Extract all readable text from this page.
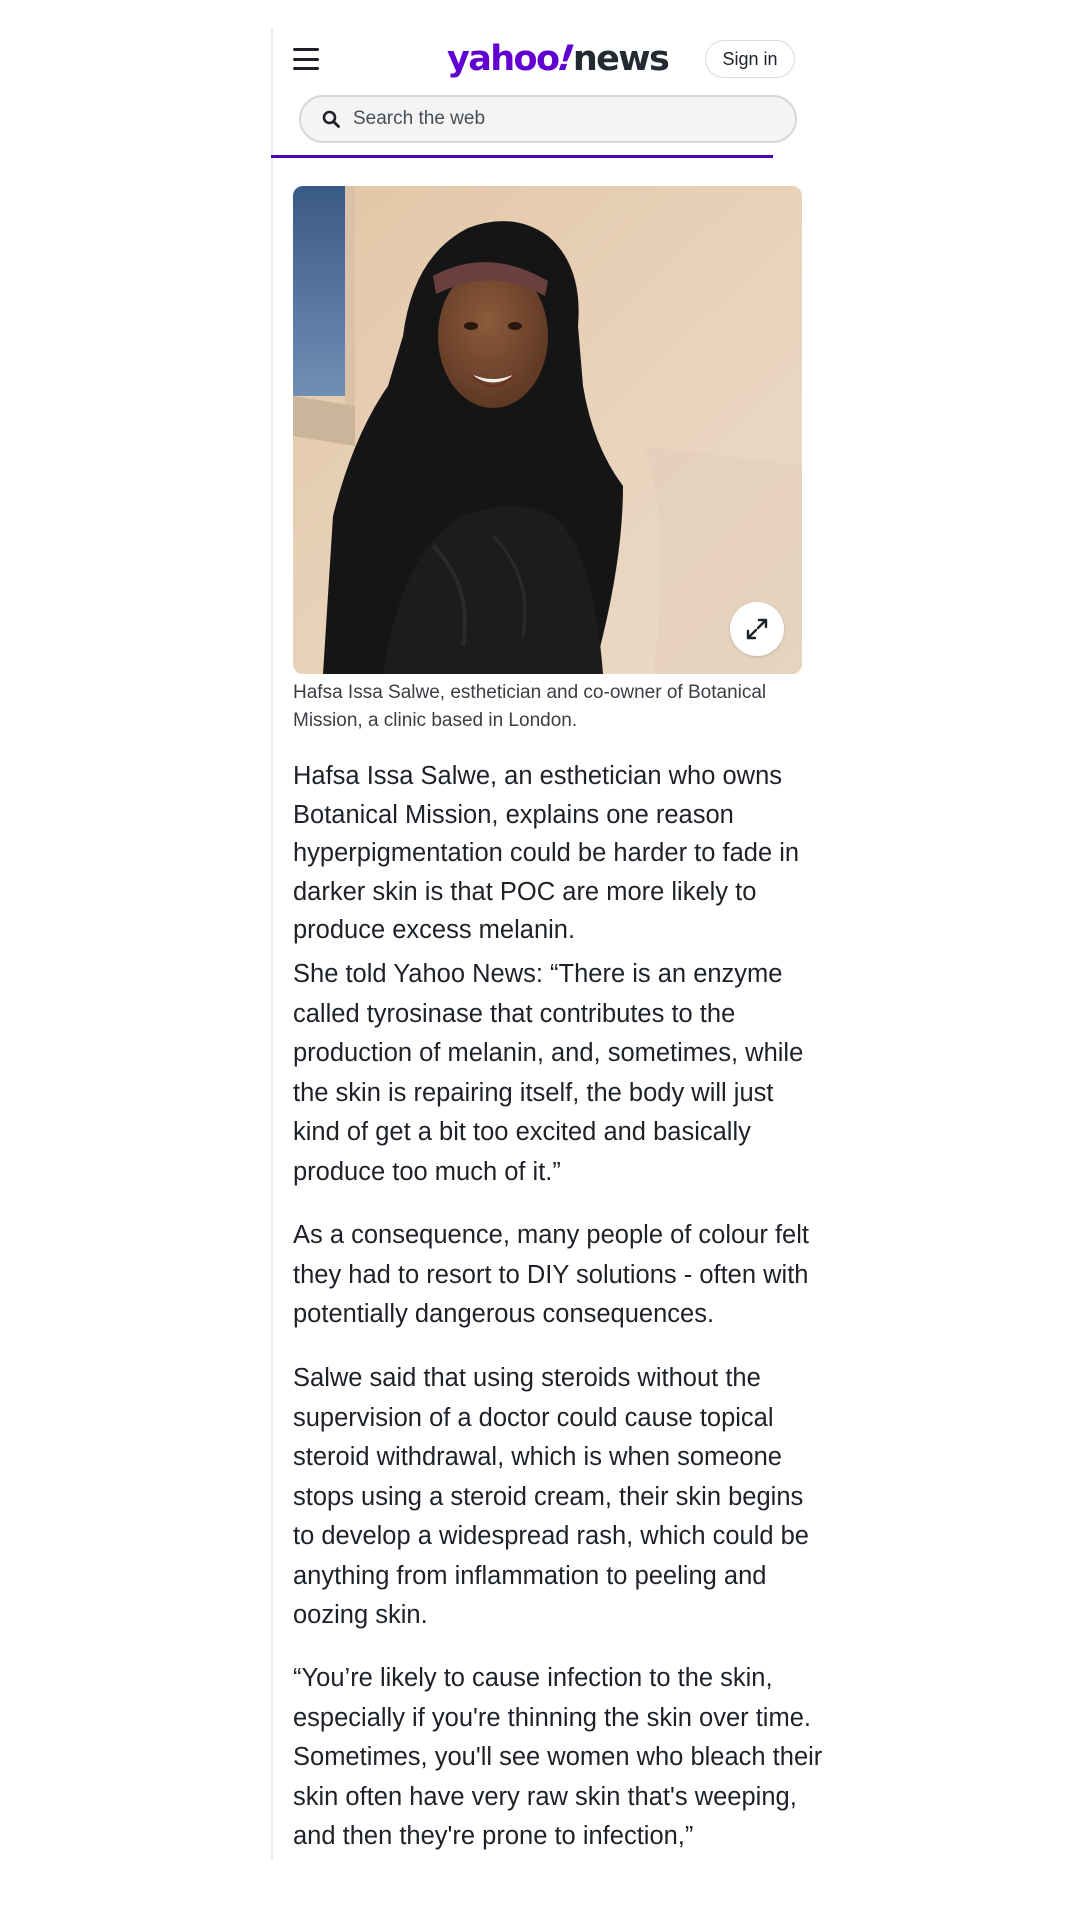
yahoo!news	Sign in
Search the web
Hafsa Issa Salwe, esthetician and co-owner of Botanical Mission, a clinic based in London.

Hafsa Issa Salwe, an esthetician who owns Botanical Mission, explains one reason hyperpigmentation could be harder to fade in darker skin is that POC are more likely to produce excess melanin.

She told Yahoo News: “There is an enzyme called tyrosinase that contributes to the production of melanin, and, sometimes, while the skin is repairing itself, the body will just kind of get a bit too excited and basically produce too much of it.”

As a consequence, many people of colour felt they had to resort to DIY solutions - often with potentially dangerous consequences.

Salwe said that using steroids without the supervision of a doctor could cause topical steroid withdrawal, which is when someone stops using a steroid cream, their skin begins to develop a widespread rash, which could be anything from inflammation to peeling and oozing skin.

“You’re likely to cause infection to the skin, especially if you're thinning the skin over time. Sometimes, you'll see women who bleach their skin often have very raw skin that's weeping, and then they're prone to infection,”
